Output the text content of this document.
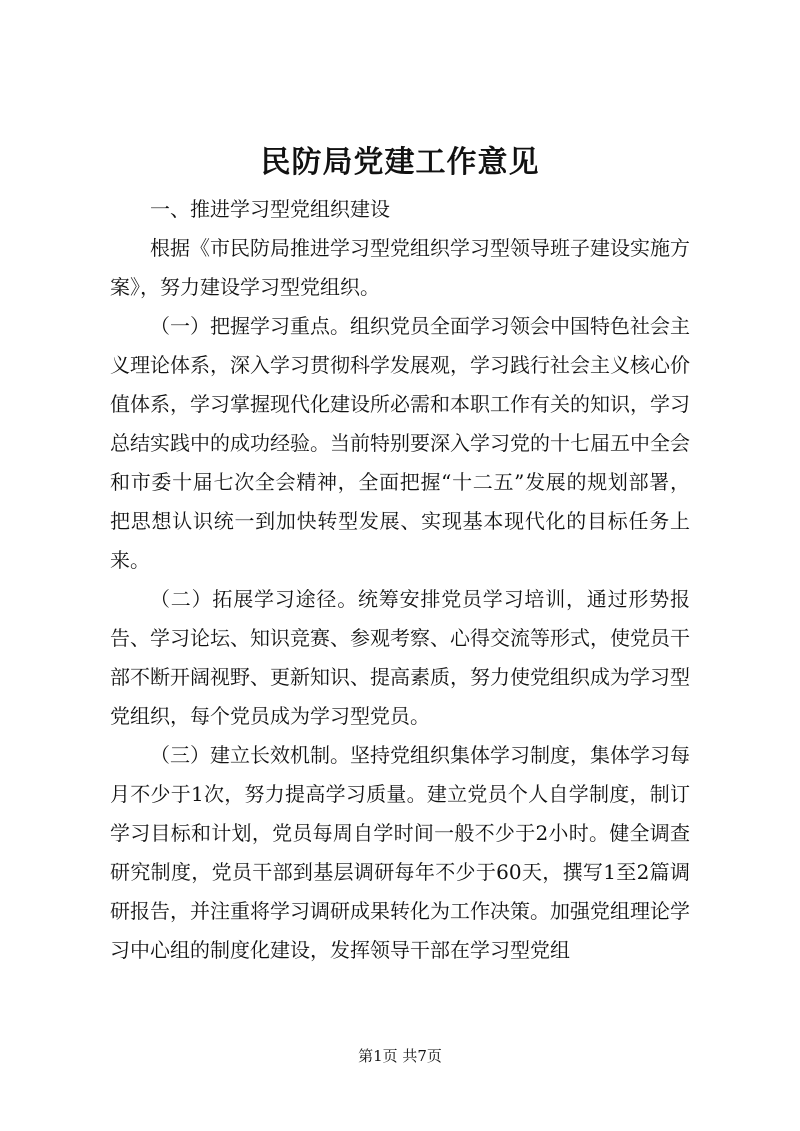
民防局党建工作意见

一、推进学习型党组织建设

根据《市民防局推进学习型党组织学习型领导班子建设实施方案》，努力建设学习型党组织。

（一）把握学习重点。组织党员全面学习领会中国特色社会主义理论体系，深入学习贯彻科学发展观，学习践行社会主义核心价值体系，学习掌握现代化建设所必需和本职工作有关的知识，学习总结实践中的成功经验。当前特别要深入学习党的十七届五中全会和市委十届七次全会精神，全面把握“十二五”发展的规划部署，把思想认识统一到加快转型发展、实现基本现代化的目标任务上来。

（二）拓展学习途径。统筹安排党员学习培训，通过形势报告、学习论坛、知识竞赛、参观考察、心得交流等形式，使党员干部不断开阔视野、更新知识、提高素质，努力使党组织成为学习型党组织，每个党员成为学习型党员。

（三）建立长效机制。坚持党组织集体学习制度，集体学习每月不少于1次，努力提高学习质量。建立党员个人自学制度，制订学习目标和计划，党员每周自学时间一般不少于2小时。健全调查研究制度，党员干部到基层调研每年不少于60天，撰写1至2篇调研报告，并注重将学习调研成果转化为工作决策。加强党组理论学习中心组的制度化建设，发挥领导干部在学习型党组

第1页 共7页
